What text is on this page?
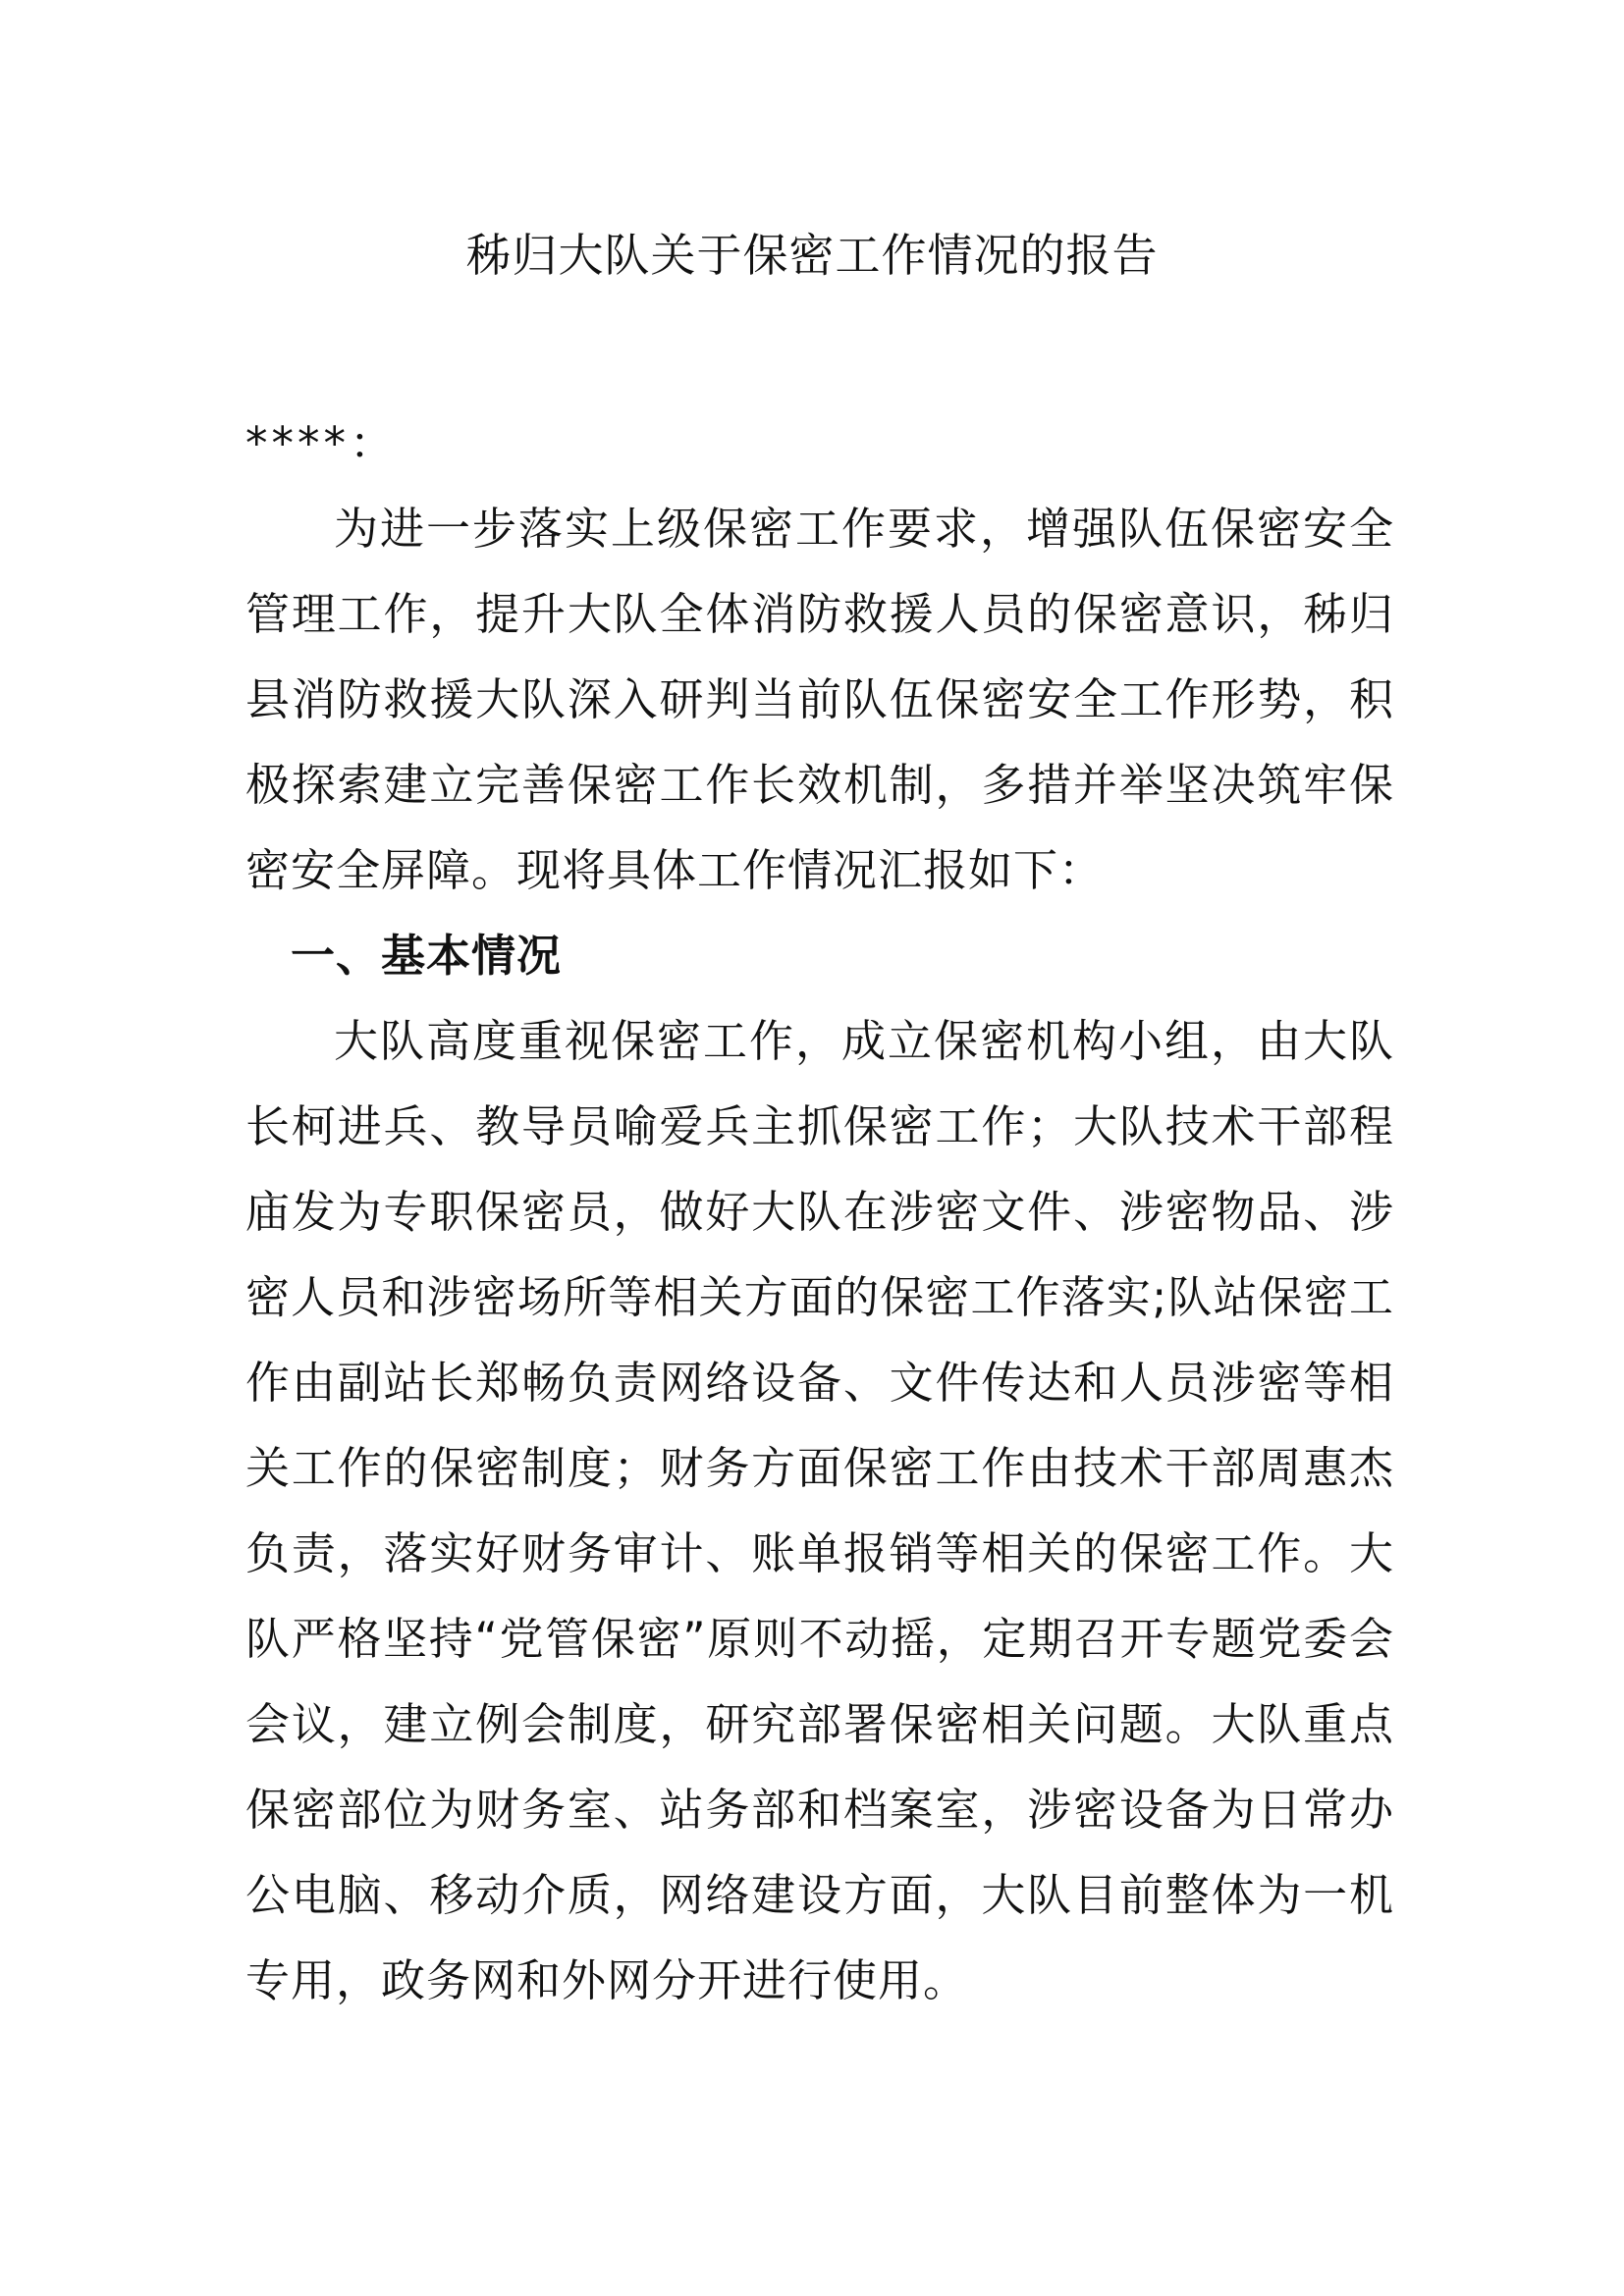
秭归大队关于保密工作情况的报告

****：

为进一步落实上级保密工作要求，增强队伍保密安全管理工作，提升大队全体消防救援人员的保密意识，秭归县消防救援大队深入研判当前队伍保密安全工作形势，积极探索建立完善保密工作长效机制，多措并举坚决筑牢保密安全屏障。现将具体工作情况汇报如下：

一、基本情况

大队高度重视保密工作，成立保密机构小组，由大队长柯进兵、教导员喻爱兵主抓保密工作；大队技术干部程庙发为专职保密员，做好大队在涉密文件、涉密物品、涉密人员和涉密场所等相关方面的保密工作落实;队站保密工作由副站长郑畅负责网络设备、文件传达和人员涉密等相关工作的保密制度；财务方面保密工作由技术干部周惠杰负责，落实好财务审计、账单报销等相关的保密工作。大队严格坚持“党管保密”原则不动摇，定期召开专题党委会会议，建立例会制度，研究部署保密相关问题。大队重点保密部位为财务室、站务部和档案室，涉密设备为日常办公电脑、移动介质，网络建设方面，大队目前整体为一机专用，政务网和外网分开进行使用。
